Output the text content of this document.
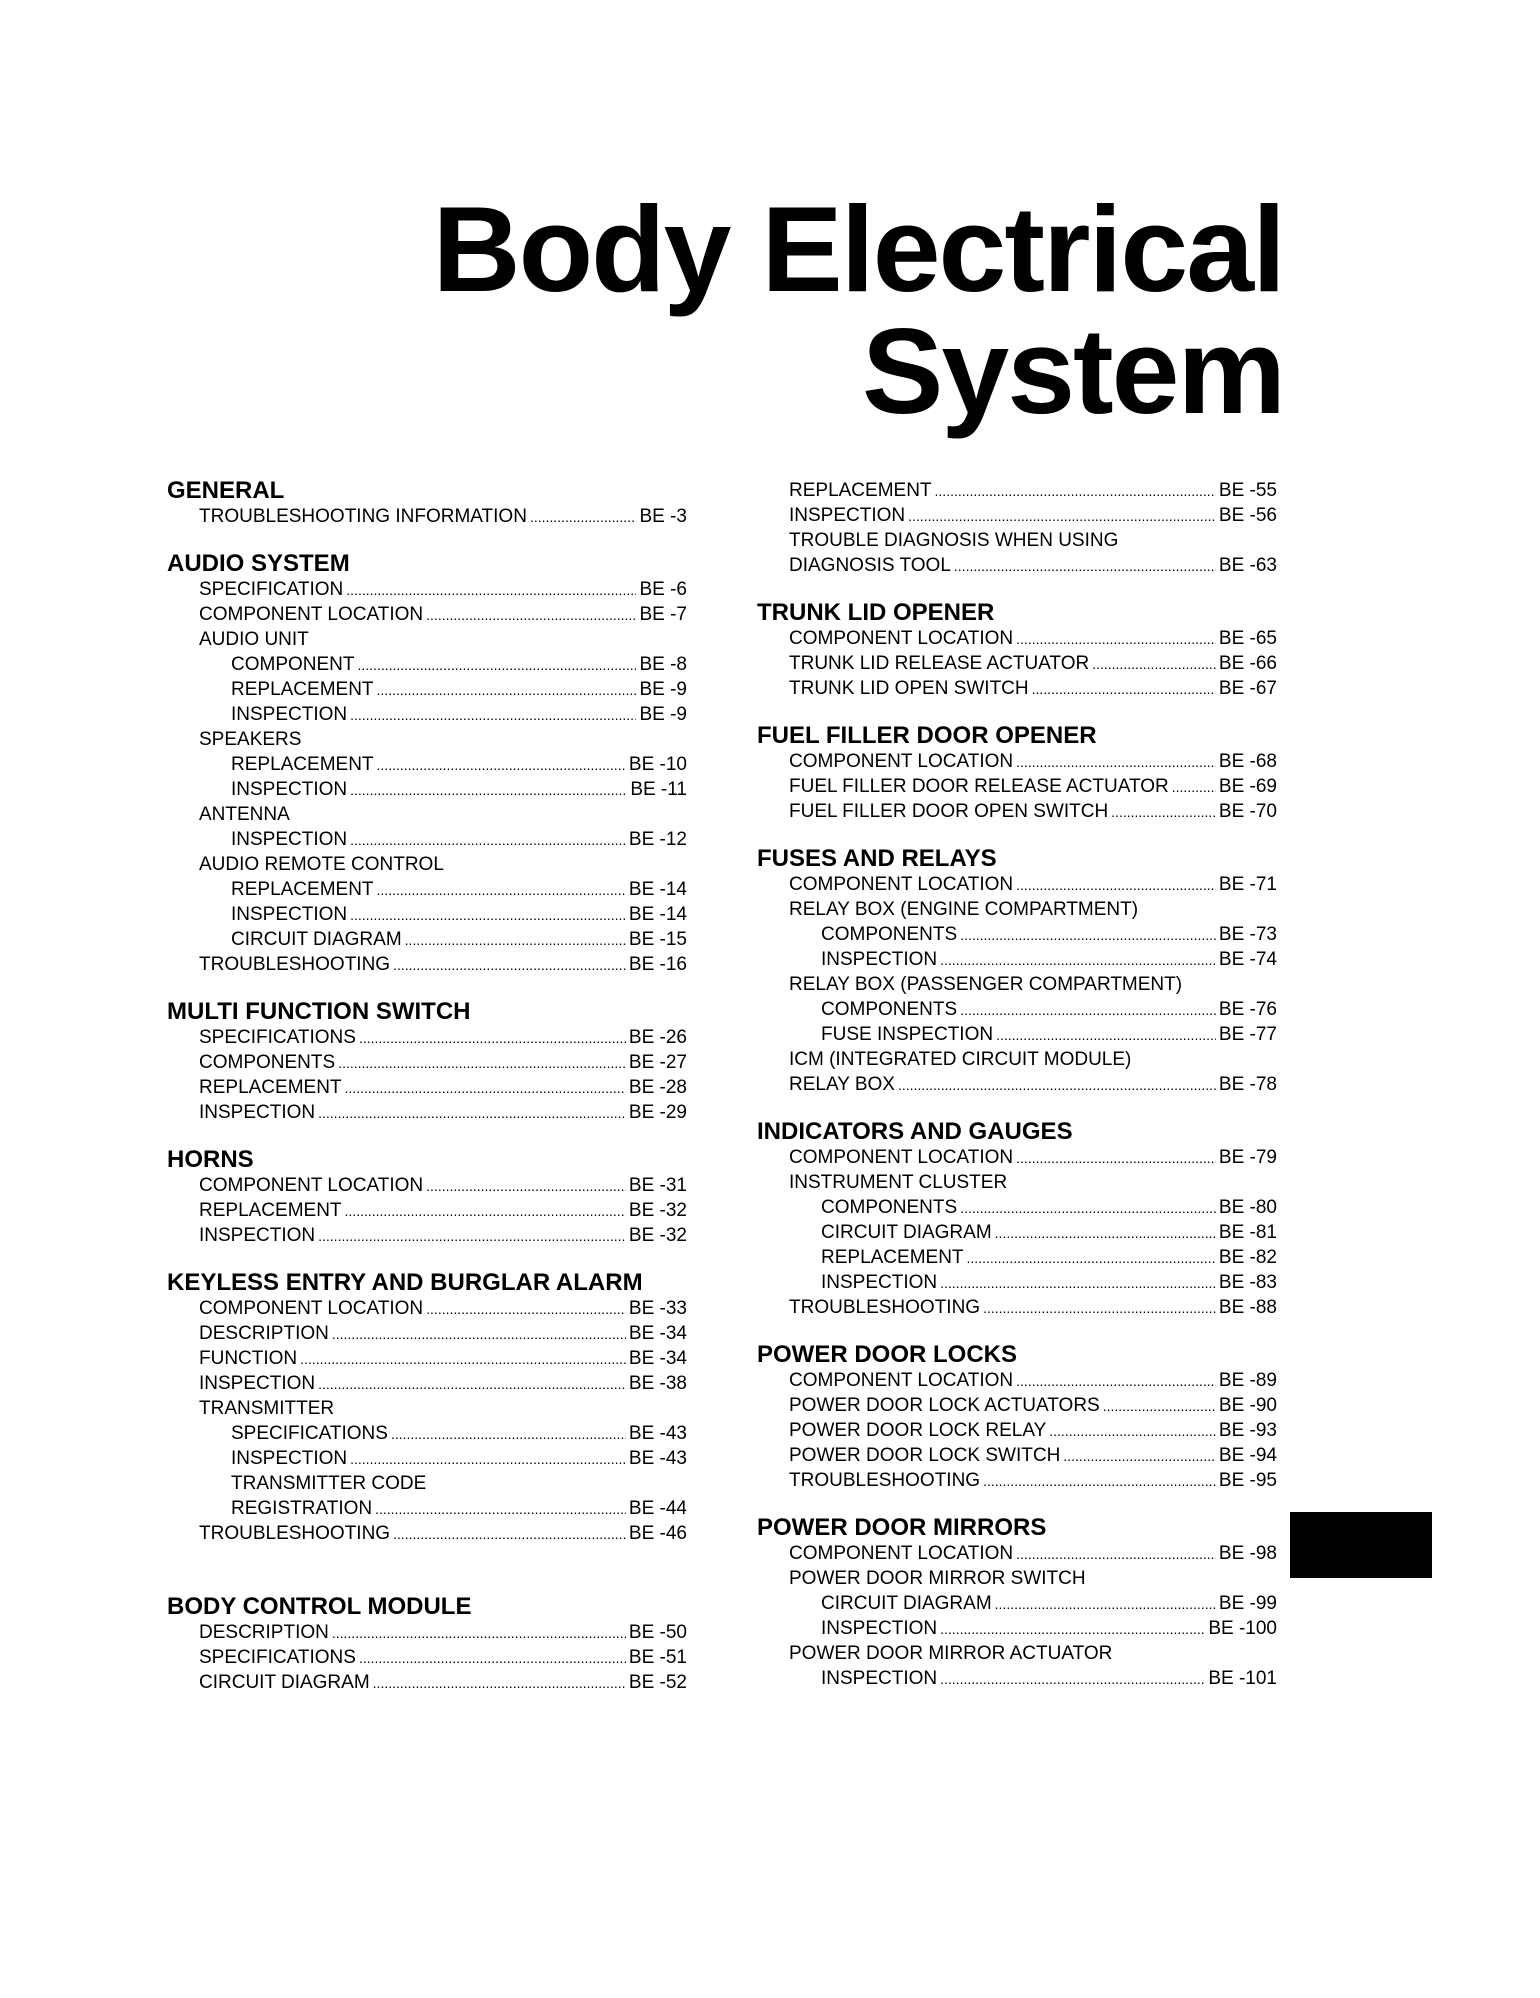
Body Electrical
System
GENERAL
TROUBLESHOOTING INFORMATION .....	BE -3
AUDIO SYSTEM
SPECIFICATION .....	BE -6
COMPONENT LOCATION .....	BE -7
AUDIO UNIT
COMPONENT .....	BE -8
REPLACEMENT .....	BE -9
INSPECTION .....	BE -9
SPEAKERS
REPLACEMENT .....	BE -10
INSPECTION .....	BE -11
ANTENNA
INSPECTION .....	BE -12
AUDIO REMOTE CONTROL
REPLACEMENT .....	BE -14
INSPECTION .....	BE -14
CIRCUIT DIAGRAM .....	BE -15
TROUBLESHOOTING .....	BE -16
MULTI FUNCTION SWITCH
SPECIFICATIONS .....	BE -26
COMPONENTS .....	BE -27
REPLACEMENT .....	BE -28
INSPECTION .....	BE -29
HORNS
COMPONENT LOCATION .....	BE -31
REPLACEMENT .....	BE -32
INSPECTION .....	BE -32
KEYLESS ENTRY AND BURGLAR ALARM
COMPONENT LOCATION .....	BE -33
DESCRIPTION .....	BE -34
FUNCTION .....	BE -34
INSPECTION .....	BE -38
TRANSMITTER
SPECIFICATIONS .....	BE -43
INSPECTION .....	BE -43
TRANSMITTER CODE
REGISTRATION .....	BE -44
TROUBLESHOOTING .....	BE -46
BODY CONTROL MODULE
DESCRIPTION .....	BE -50
SPECIFICATIONS .....	BE -51
CIRCUIT DIAGRAM .....	BE -52
REPLACEMENT .....	BE -55
INSPECTION .....	BE -56
TROUBLE DIAGNOSIS WHEN USING
DIAGNOSIS TOOL .....	BE -63
TRUNK LID OPENER
COMPONENT LOCATION .....	BE -65
TRUNK LID RELEASE ACTUATOR .....	BE -66
TRUNK LID OPEN SWITCH .....	BE -67
FUEL FILLER DOOR OPENER
COMPONENT LOCATION .....	BE -68
FUEL FILLER DOOR RELEASE ACTUATOR .....	BE -69
FUEL FILLER DOOR OPEN SWITCH .....	BE -70
FUSES AND RELAYS
COMPONENT LOCATION .....	BE -71
RELAY BOX (ENGINE COMPARTMENT)
COMPONENTS .....	BE -73
INSPECTION .....	BE -74
RELAY BOX (PASSENGER COMPARTMENT)
COMPONENTS .....	BE -76
FUSE INSPECTION .....	BE -77
ICM (INTEGRATED CIRCUIT MODULE)
RELAY BOX .....	BE -78
INDICATORS AND GAUGES
COMPONENT LOCATION .....	BE -79
INSTRUMENT CLUSTER
COMPONENTS .....	BE -80
CIRCUIT DIAGRAM .....	BE -81
REPLACEMENT .....	BE -82
INSPECTION .....	BE -83
TROUBLESHOOTING .....	BE -88
POWER DOOR LOCKS
COMPONENT LOCATION .....	BE -89
POWER DOOR LOCK ACTUATORS .....	BE -90
POWER DOOR LOCK RELAY .....	BE -93
POWER DOOR LOCK SWITCH .....	BE -94
TROUBLESHOOTING .....	BE -95
POWER DOOR MIRRORS
COMPONENT LOCATION .....	BE -98
POWER DOOR MIRROR SWITCH
CIRCUIT DIAGRAM .....	BE -99
INSPECTION .....	BE -100
POWER DOOR MIRROR ACTUATOR
INSPECTION .....	BE -101
